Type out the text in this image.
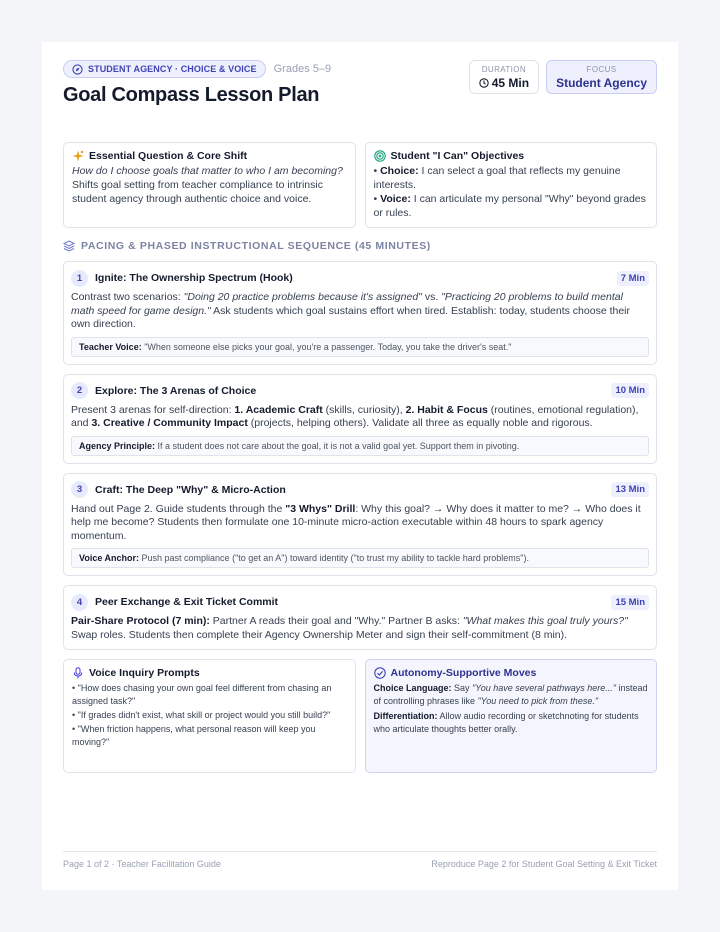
STUDENT AGENCY · CHOICE & VOICE Grades 5–9
Goal Compass Lesson Plan
DURATION
45 Min
FOCUS
Student Agency
Essential Question & Core Shift
How do I choose goals that matter to who I am becoming?
Shifts goal setting from teacher compliance to intrinsic student agency through authentic choice and voice.
Student "I Can" Objectives
• Choice: I can select a goal that reflects my genuine interests.
• Voice: I can articulate my personal "Why" beyond grades or rules.
PACING & PHASED INSTRUCTIONAL SEQUENCE (45 MINUTES)
1	Ignite: The Ownership Spectrum (Hook)	7 Min
Contrast two scenarios: "Doing 20 practice problems because it's assigned" vs. "Practicing 20 problems to build mental math speed for game design." Ask students which goal sustains effort when tired. Establish: today, students choose their own direction.
Teacher Voice: "When someone else picks your goal, you're a passenger. Today, you take the driver's seat."
2	Explore: The 3 Arenas of Choice	10 Min
Present 3 arenas for self-direction: 1. Academic Craft (skills, curiosity), 2. Habit & Focus (routines, emotional regulation), and 3. Creative / Community Impact (projects, helping others). Validate all three as equally noble and rigorous.
Agency Principle: If a student does not care about the goal, it is not a valid goal yet. Support them in pivoting.
3	Craft: The Deep "Why" & Micro-Action	13 Min
Hand out Page 2. Guide students through the "3 Whys" Drill: Why this goal? → Why does it matter to me? → Who does it help me become? Students then formulate one 10-minute micro-action executable within 48 hours to spark agency momentum.
Voice Anchor: Push past compliance ("to get an A") toward identity ("to trust my ability to tackle hard problems").
4	Peer Exchange & Exit Ticket Commit	15 Min
Pair-Share Protocol (7 min): Partner A reads their goal and "Why." Partner B asks: "What makes this goal truly yours?" Swap roles. Students then complete their Agency Ownership Meter and sign their self-commitment (8 min).
Voice Inquiry Prompts
• "How does chasing your own goal feel different from chasing an assigned task?"
• "If grades didn't exist, what skill or project would you still build?"
• "When friction happens, what personal reason will keep you moving?"
Autonomy-Supportive Moves

Choice Language: Say "You have several pathways here..." instead of controlling phrases like "You need to pick from these."

Differentiation: Allow audio recording or sketchnoting for students who articulate thoughts better orally.

Page 1 of 2 · Teacher Facilitation Guide	Reproduce Page 2 for Student Goal Setting & Exit Ticket
